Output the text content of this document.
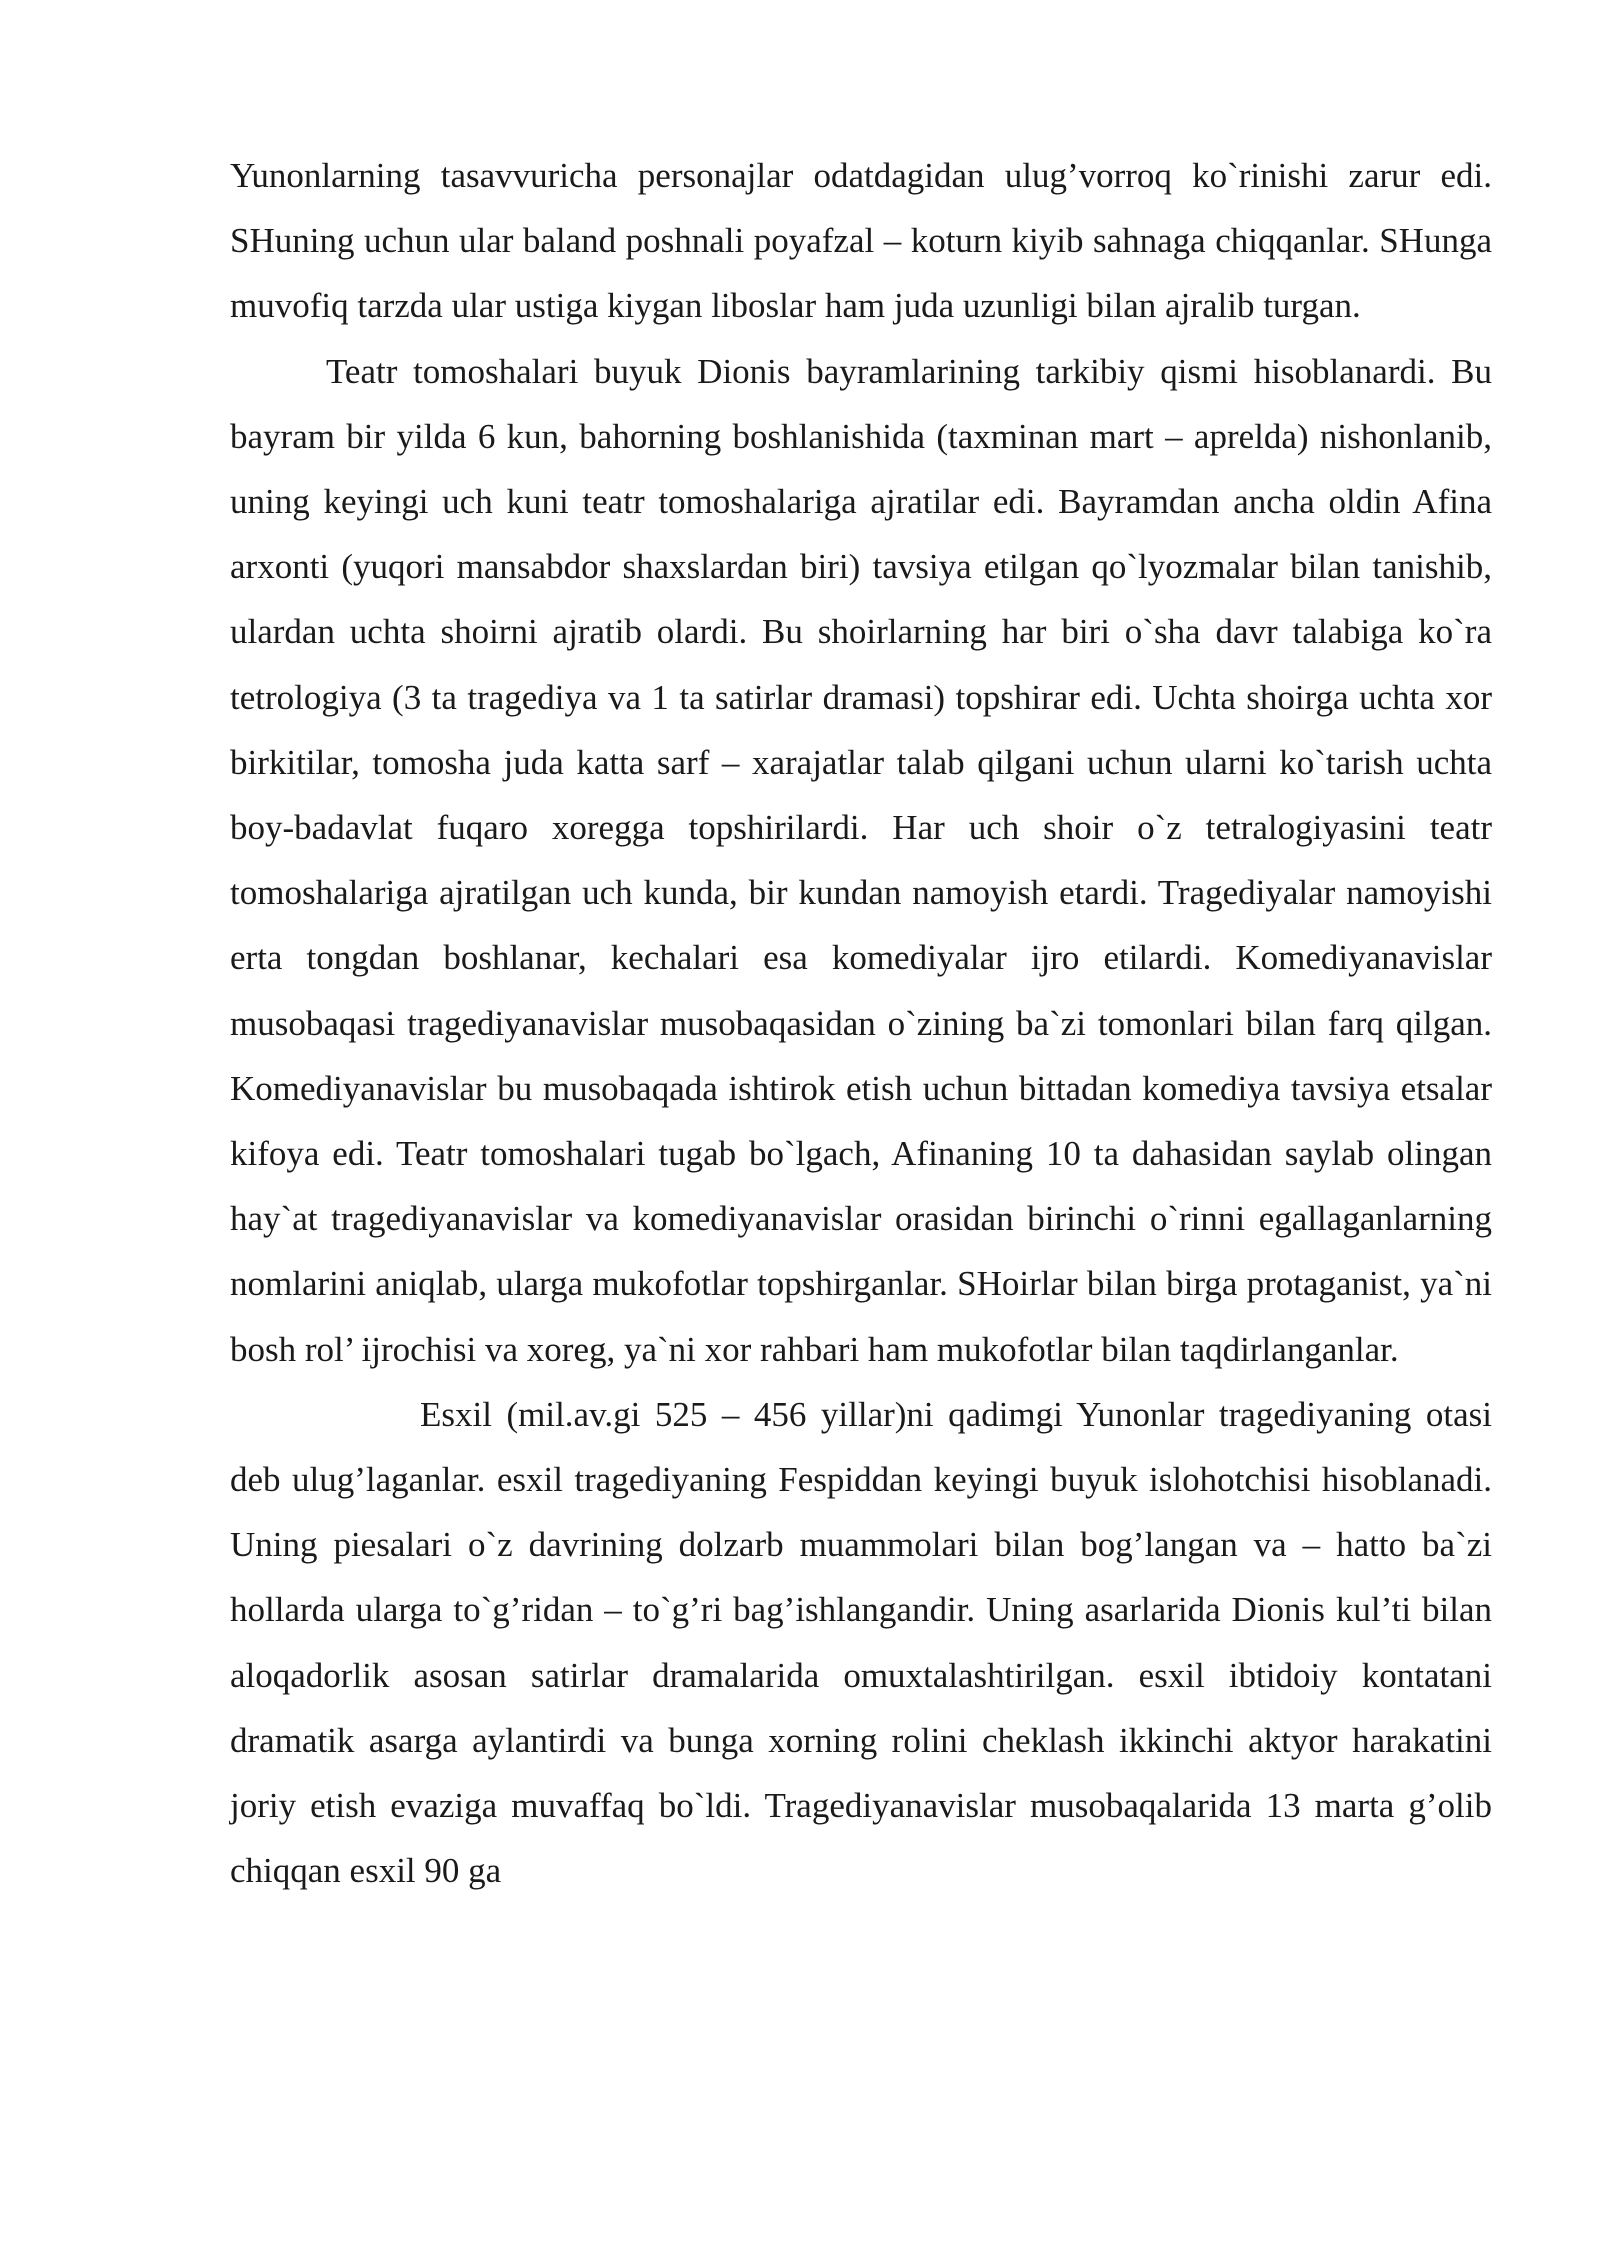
Yunonlarning tasavvuricha personajlar odatdagidan ulug’vorroq ko`rinishi zarur edi. SHuning uchun ular baland poshnali poyafzal – koturn kiyib sahnaga chiqqanlar. SHunga muvofiq tarzda ular ustiga kiygan liboslar ham juda uzunligi bilan ajralib turgan.

Teatr tomoshalari buyuk Dionis bayramlarining tarkibiy qismi hisoblanardi. Bu bayram bir yilda 6 kun, bahorning boshlanishida (taxminan mart – aprelda) nishonlanib, uning keyingi uch kuni teatr tomoshalariga ajratilar edi. Bayramdan ancha oldin Afina arxonti (yuqori mansabdor shaxslardan biri) tavsiya etilgan qo`lyozmalar bilan tanishib, ulardan uchta shoirni ajratib olardi. Bu shoirlarning har biri o`sha davr talabiga ko`ra tetrologiya (3 ta tragediya va 1 ta satirlar dramasi) topshirar edi. Uchta shoirga uchta xor birkitilar, tomosha juda katta sarf – xarajatlar talab qilgani uchun ularni ko`tarish uchta boy-badavlat fuqaro xoregga topshirilardi. Har uch shoir o`z tetralogiyasini teatr tomoshalariga ajratilgan uch kunda, bir kundan namoyish etardi. Tragediyalar namoyishi erta tongdan boshlanar, kechalari esa komediyalar ijro etilardi. Komediyanavislar musobaqasi tragediyanavislar musobaqasidan o`zining ba`zi tomonlari bilan farq qilgan. Komediyanavislar bu musobaqada ishtirok etish uchun bittadan komediya tavsiya etsalar kifoya edi. Teatr tomoshalari tugab bo`lgach, Afinaning 10 ta dahasidan saylab olingan hay`at tragediyanavislar va komediyanavislar orasidan birinchi o`rinni egallaganlarning nomlarini aniqlab, ularga mukofotlar topshirganlar. SHoirlar bilan birga protaganist, ya`ni bosh rol’ ijrochisi va xoreg, ya`ni xor rahbari ham mukofotlar bilan taqdirlanganlar.

Esxil (mil.av.gi 525 – 456 yillar)ni qadimgi Yunonlar tragediyaning otasi deb ulug’laganlar. esxil tragediyaning Fespiddan keyingi buyuk islohotchisi hisoblanadi. Uning piesalari o`z davrining dolzarb muammolari bilan bog’langan va – hatto ba`zi hollarda ularga to`g’ridan – to`g’ri bag’ishlangandir. Uning asarlarida Dionis kul’ti bilan aloqadorlik asosan satirlar dramalarida omuxtalashtirilgan. esxil ibtidoiy kontatani dramatik asarga aylantirdi va bunga xorning rolini cheklash ikkinchi aktyor harakatini joriy etish evaziga muvaffaq bo`ldi. Tragediyanavislar musobaqalarida 13 marta g’olib chiqqan esxil 90 ga
